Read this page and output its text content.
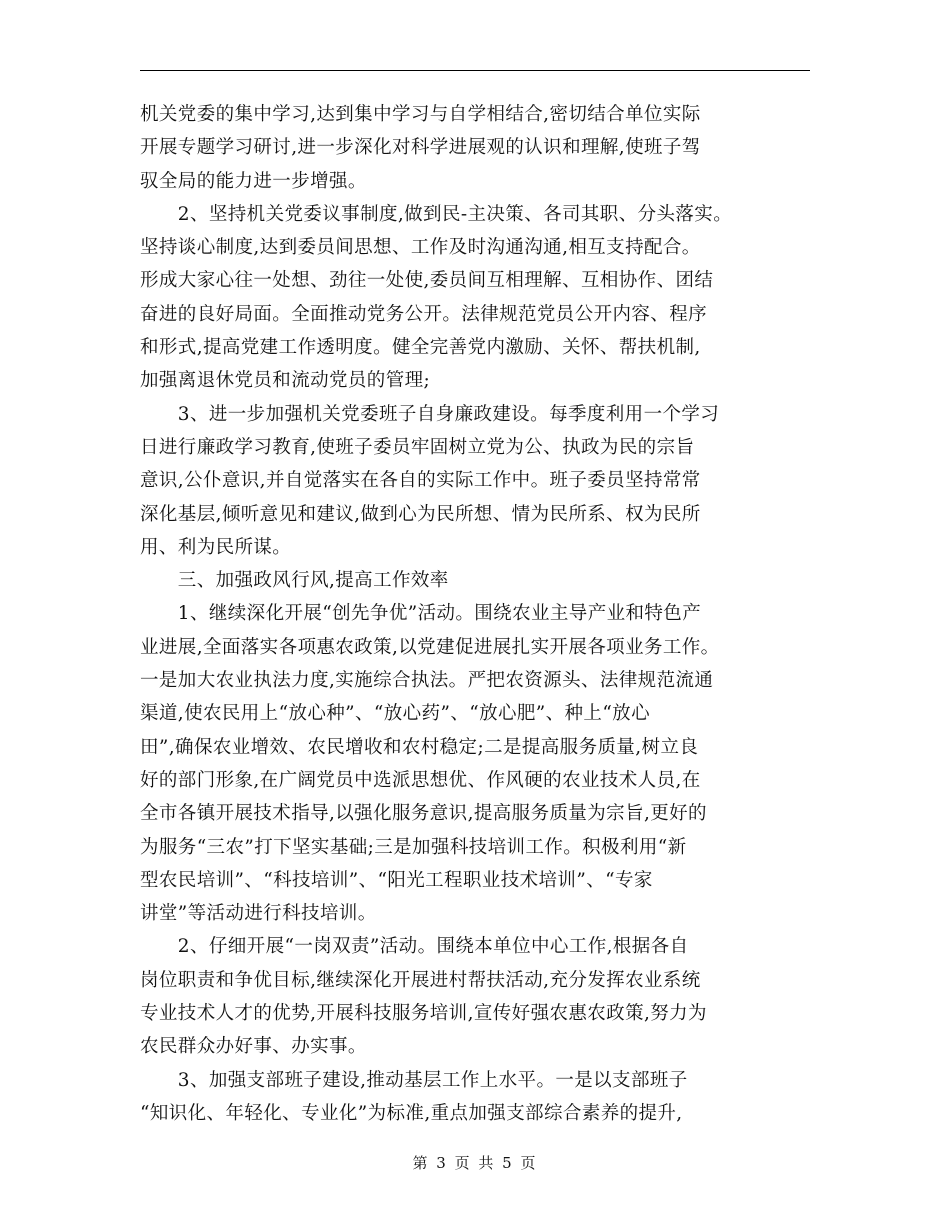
机关党委的集中学习,达到集中学习与自学相结合,密切结合单位实际
开展专题学习研讨,进一步深化对科学进展观的认识和理解,使班子驾
驭全局的能力进一步增强。
　　2、坚持机关党委议事制度,做到民-主决策、各司其职、分头落实。
坚持谈心制度,达到委员间思想、工作及时沟通沟通,相互支持配合。
形成大家心往一处想、劲往一处使,委员间互相理解、互相协作、团结
奋进的良好局面。全面推动党务公开。法律规范党员公开内容、程序
和形式,提高党建工作透明度。健全完善党内激励、关怀、帮扶机制,
加强离退休党员和流动党员的管理;
　　3、进一步加强机关党委班子自身廉政建设。每季度利用一个学习
日进行廉政学习教育,使班子委员牢固树立党为公、执政为民的宗旨
意识,公仆意识,并自觉落实在各自的实际工作中。班子委员坚持常常
深化基层,倾听意见和建议,做到心为民所想、情为民所系、权为民所
用、利为民所谋。
　　三、加强政风行风,提高工作效率
　　1、继续深化开展“创先争优”活动。围绕农业主导产业和特色产
业进展,全面落实各项惠农政策,以党建促进展扎实开展各项业务工作。
一是加大农业执法力度,实施综合执法。严把农资源头、法律规范流通
渠道,使农民用上“放心种”、“放心药”、“放心肥”、种上“放心
田”,确保农业增效、农民增收和农村稳定;二是提高服务质量,树立良
好的部门形象,在广阔党员中选派思想优、作风硬的农业技术人员,在
全市各镇开展技术指导,以强化服务意识,提高服务质量为宗旨,更好的
为服务“三农”打下坚实基础;三是加强科技培训工作。积极利用“新
型农民培训”、“科技培训”、“阳光工程职业技术培训”、“专家
讲堂”等活动进行科技培训。
　　2、仔细开展“一岗双责”活动。围绕本单位中心工作,根据各自
岗位职责和争优目标,继续深化开展进村帮扶活动,充分发挥农业系统
专业技术人才的优势,开展科技服务培训,宣传好强农惠农政策,努力为
农民群众办好事、办实事。
　　3、加强支部班子建设,推动基层工作上水平。一是以支部班子
“知识化、年轻化、专业化”为标准,重点加强支部综合素养的提升,
第 3 页 共 5 页
